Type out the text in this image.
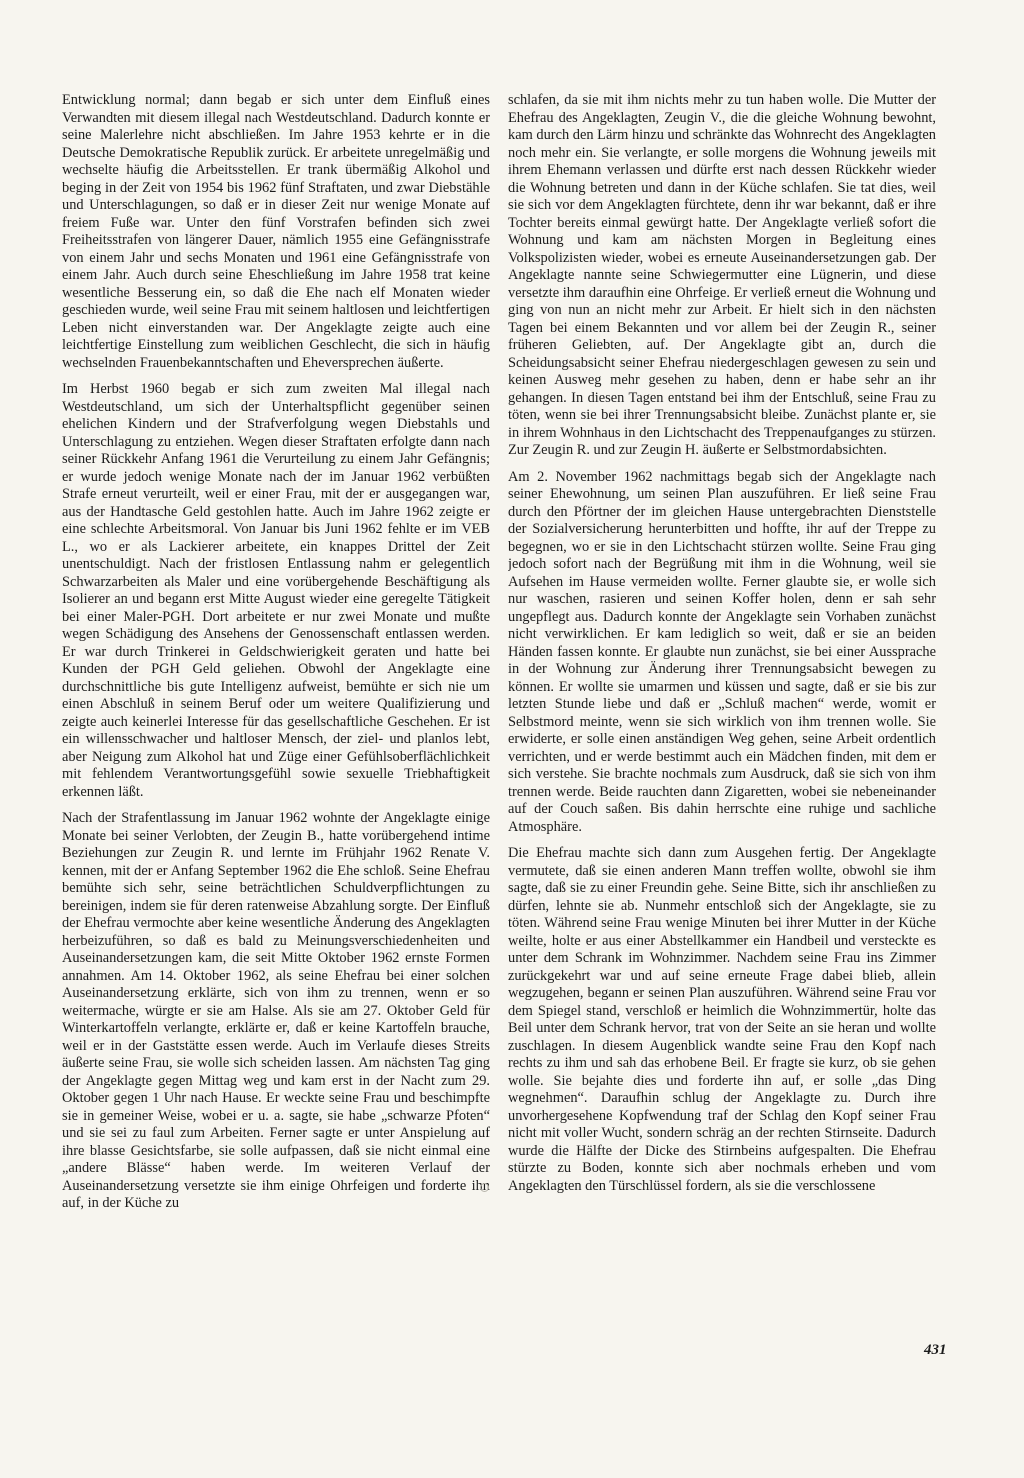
Entwicklung normal; dann begab er sich unter dem Einfluß eines Verwandten mit diesem illegal nach Westdeutschland. Dadurch konnte er seine Malerlehre nicht abschließen. Im Jahre 1953 kehrte er in die Deutsche Demokratische Republik zurück. Er arbeitete unregelmäßig und wechselte häufig die Arbeitsstellen. Er trank übermäßig Alkohol und beging in der Zeit von 1954 bis 1962 fünf Straftaten, und zwar Diebstähle und Unterschlagungen, so daß er in dieser Zeit nur wenige Monate auf freiem Fuße war. Unter den fünf Vorstrafen befinden sich zwei Freiheitsstrafen von längerer Dauer, nämlich 1955 eine Gefängnisstrafe von einem Jahr und sechs Monaten und 1961 eine Gefängnisstrafe von einem Jahr. Auch durch seine Eheschließung im Jahre 1958 trat keine wesentliche Besserung ein, so daß die Ehe nach elf Monaten wieder geschieden wurde, weil seine Frau mit seinem haltlosen und leichtfertigen Leben nicht einverstanden war. Der Angeklagte zeigte auch eine leichtfertige Einstellung zum weiblichen Geschlecht, die sich in häufig wechselnden Frauenbekanntschaften und Eheversprechen äußerte.

Im Herbst 1960 begab er sich zum zweiten Mal illegal nach Westdeutschland, um sich der Unterhaltspflicht gegenüber seinen ehelichen Kindern und der Strafverfolgung wegen Diebstahls und Unterschlagung zu entziehen. Wegen dieser Straftaten erfolgte dann nach seiner Rückkehr Anfang 1961 die Verurteilung zu einem Jahr Gefängnis; er wurde jedoch wenige Monate nach der im Januar 1962 verbüßten Strafe erneut verurteilt, weil er einer Frau, mit der er ausgegangen war, aus der Handtasche Geld gestohlen hatte. Auch im Jahre 1962 zeigte er eine schlechte Arbeitsmoral. Von Januar bis Juni 1962 fehlte er im VEB L., wo er als Lackierer arbeitete, ein knappes Drittel der Zeit unentschuldigt. Nach der fristlosen Entlassung nahm er gelegentlich Schwarzarbeiten als Maler und eine vorübergehende Beschäftigung als Isolierer an und begann erst Mitte August wieder eine geregelte Tätigkeit bei einer Maler-PGH. Dort arbeitete er nur zwei Monate und mußte wegen Schädigung des Ansehens der Genossenschaft entlassen werden. Er war durch Trinkerei in Geldschwierigkeit geraten und hatte bei Kunden der PGH Geld geliehen. Obwohl der Angeklagte eine durchschnittliche bis gute Intelligenz aufweist, bemühte er sich nie um einen Abschluß in seinem Beruf oder um weitere Qualifizierung und zeigte auch keinerlei Interesse für das gesellschaftliche Geschehen. Er ist ein willensschwacher und haltloser Mensch, der ziel- und planlos lebt, aber Neigung zum Alkohol hat und Züge einer Gefühlsoberflächlichkeit mit fehlendem Verantwortungsgefühl sowie sexuelle Triebhaftigkeit erkennen läßt.

Nach der Strafentlassung im Januar 1962 wohnte der Angeklagte einige Monate bei seiner Verlobten, der Zeugin B., hatte vorübergehend intime Beziehungen zur Zeugin R. und lernte im Frühjahr 1962 Renate V. kennen, mit der er Anfang September 1962 die Ehe schloß. Seine Ehefrau bemühte sich sehr, seine beträchtlichen Schuldverpflichtungen zu bereinigen, indem sie für deren ratenweise Abzahlung sorgte. Der Einfluß der Ehefrau vermochte aber keine wesentliche Änderung des Angeklagten herbeizuführen, so daß es bald zu Meinungsverschiedenheiten und Auseinandersetzungen kam, die seit Mitte Oktober 1962 ernste Formen annahmen. Am 14. Oktober 1962, als seine Ehefrau bei einer solchen Auseinandersetzung erklärte, sich von ihm zu trennen, wenn er so weitermache, würgte er sie am Halse. Als sie am 27. Oktober Geld für Winterkartoffeln verlangte, erklärte er, daß er keine Kartoffeln brauche, weil er in der Gaststätte essen werde. Auch im Verlaufe dieses Streits äußerte seine Frau, sie wolle sich scheiden lassen. Am nächsten Tag ging der Angeklagte gegen Mittag weg und kam erst in der Nacht zum 29. Oktober gegen 1 Uhr nach Hause. Er weckte seine Frau und beschimpfte sie in gemeiner Weise, wobei er u. a. sagte, sie habe „schwarze Pfoten“ und sie sei zu faul zum Arbeiten. Ferner sagte er unter Anspielung auf ihre blasse Gesichtsfarbe, sie solle aufpassen, daß sie nicht einmal eine „andere Blässe“ haben werde. Im weiteren Verlauf der Auseinandersetzung versetzte sie ihm einige Ohrfeigen und forderte ihn auf, in der Küche zu

schlafen, da sie mit ihm nichts mehr zu tun haben wolle. Die Mutter der Ehefrau des Angeklagten, Zeugin V., die die gleiche Wohnung bewohnt, kam durch den Lärm hinzu und schränkte das Wohnrecht des Angeklagten noch mehr ein. Sie verlangte, er solle morgens die Wohnung jeweils mit ihrem Ehemann verlassen und dürfte erst nach dessen Rückkehr wieder die Wohnung betreten und dann in der Küche schlafen. Sie tat dies, weil sie sich vor dem Angeklagten fürchtete, denn ihr war bekannt, daß er ihre Tochter bereits einmal gewürgt hatte. Der Angeklagte verließ sofort die Wohnung und kam am nächsten Morgen in Begleitung eines Volkspolizisten wieder, wobei es erneute Auseinandersetzungen gab. Der Angeklagte nannte seine Schwiegermutter eine Lügnerin, und diese versetzte ihm daraufhin eine Ohrfeige. Er verließ erneut die Wohnung und ging von nun an nicht mehr zur Arbeit. Er hielt sich in den nächsten Tagen bei einem Bekannten und vor allem bei der Zeugin R., seiner früheren Geliebten, auf. Der Angeklagte gibt an, durch die Scheidungsabsicht seiner Ehefrau niedergeschlagen gewesen zu sein und keinen Ausweg mehr gesehen zu haben, denn er habe sehr an ihr gehangen. In diesen Tagen entstand bei ihm der Entschluß, seine Frau zu töten, wenn sie bei ihrer Trennungsabsicht bleibe. Zunächst plante er, sie in ihrem Wohnhaus in den Lichtschacht des Treppenaufganges zu stürzen. Zur Zeugin R. und zur Zeugin H. äußerte er Selbstmordabsichten.

Am 2. November 1962 nachmittags begab sich der Angeklagte nach seiner Ehewohnung, um seinen Plan auszuführen. Er ließ seine Frau durch den Pförtner der im gleichen Hause untergebrachten Dienststelle der Sozialversicherung herunterbitten und hoffte, ihr auf der Treppe zu begegnen, wo er sie in den Lichtschacht stürzen wollte. Seine Frau ging jedoch sofort nach der Begrüßung mit ihm in die Wohnung, weil sie Aufsehen im Hause vermeiden wollte. Ferner glaubte sie, er wolle sich nur waschen, rasieren und seinen Koffer holen, denn er sah sehr ungepflegt aus. Dadurch konnte der Angeklagte sein Vorhaben zunächst nicht verwirklichen. Er kam lediglich so weit, daß er sie an beiden Händen fassen konnte. Er glaubte nun zunächst, sie bei einer Aussprache in der Wohnung zur Änderung ihrer Trennungsabsicht bewegen zu können. Er wollte sie umarmen und küssen und sagte, daß er sie bis zur letzten Stunde liebe und daß er „Schluß machen“ werde, womit er Selbstmord meinte, wenn sie sich wirklich von ihm trennen wolle. Sie erwiderte, er solle einen anständigen Weg gehen, seine Arbeit ordentlich verrichten, und er werde bestimmt auch ein Mädchen finden, mit dem er sich verstehe. Sie brachte nochmals zum Ausdruck, daß sie sich von ihm trennen werde. Beide rauchten dann Zigaretten, wobei sie nebeneinander auf der Couch saßen. Bis dahin herrschte eine ruhige und sachliche Atmosphäre.

Die Ehefrau machte sich dann zum Ausgehen fertig. Der Angeklagte vermutete, daß sie einen anderen Mann treffen wollte, obwohl sie ihm sagte, daß sie zu einer Freundin gehe. Seine Bitte, sich ihr anschließen zu dürfen, lehnte sie ab. Nunmehr entschloß sich der Angeklagte, sie zu töten. Während seine Frau wenige Minuten bei ihrer Mutter in der Küche weilte, holte er aus einer Abstellkammer ein Handbeil und versteckte es unter dem Schrank im Wohnzimmer. Nachdem seine Frau ins Zimmer zurückgekehrt war und auf seine erneute Frage dabei blieb, allein wegzugehen, begann er seinen Plan auszuführen. Während seine Frau vor dem Spiegel stand, verschloß er heimlich die Wohnzimmertür, holte das Beil unter dem Schrank hervor, trat von der Seite an sie heran und wollte zuschlagen. In diesem Augenblick wandte seine Frau den Kopf nach rechts zu ihm und sah das erhobene Beil. Er fragte sie kurz, ob sie gehen wolle. Sie bejahte dies und forderte ihn auf, er solle „das Ding wegnehmen“. Daraufhin schlug der Angeklagte zu. Durch ihre unvorhergesehene Kopfwendung traf der Schlag den Kopf seiner Frau nicht mit voller Wucht, sondern schräg an der rechten Stirnseite. Dadurch wurde die Hälfte der Dicke des Stirnbeins aufgespalten. Die Ehefrau stürzte zu Boden, konnte sich aber nochmals erheben und vom Angeklagten den Türschlüssel fordern, als sie die verschlossene

431
